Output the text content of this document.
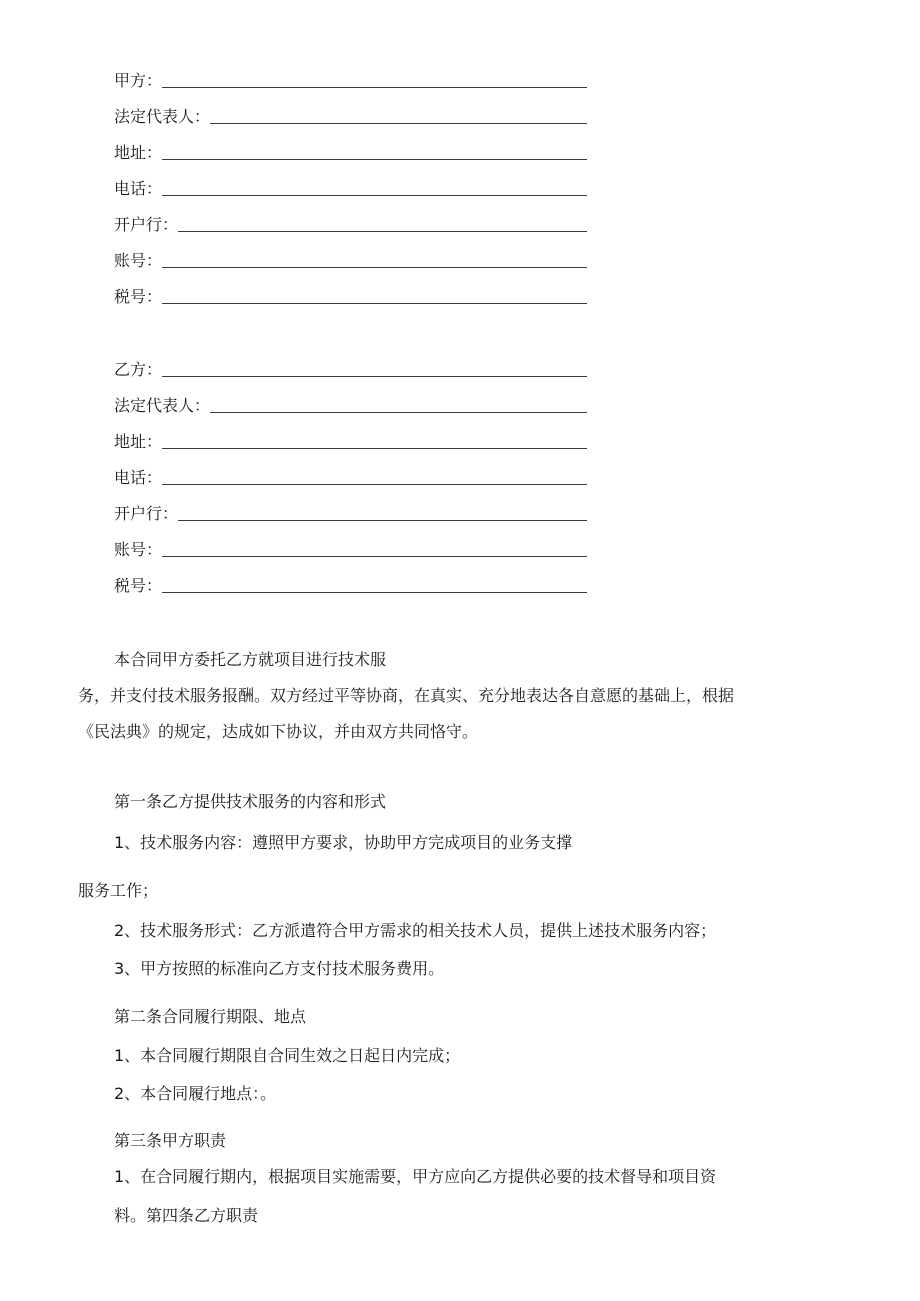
甲方：
法定代表人：
地址：
电话：
开户行：
账号：
税号：
乙方：
法定代表人：
地址：
电话：
开户行：
账号：
税号：
本合同甲方委托乙方就项目进行技术服
务，并支付技术服务报酬。双方经过平等协商，在真实、充分地表达各自意愿的基础上，根据
《民法典》的规定，达成如下协议，并由双方共同恪守。
第一条乙方提供技术服务的内容和形式
1、技术服务内容：遵照甲方要求，协助甲方完成项目的业务支撑
服务工作；
2、技术服务形式：乙方派遣符合甲方需求的相关技术人员，提供上述技术服务内容；
3、甲方按照的标准向乙方支付技术服务费用。
第二条合同履行期限、地点
1、本合同履行期限自合同生效之日起日内完成；
2、本合同履行地点：。
第三条甲方职责
1、在合同履行期内，根据项目实施需要，甲方应向乙方提供必要的技术督导和项目资
料。第四条乙方职责
